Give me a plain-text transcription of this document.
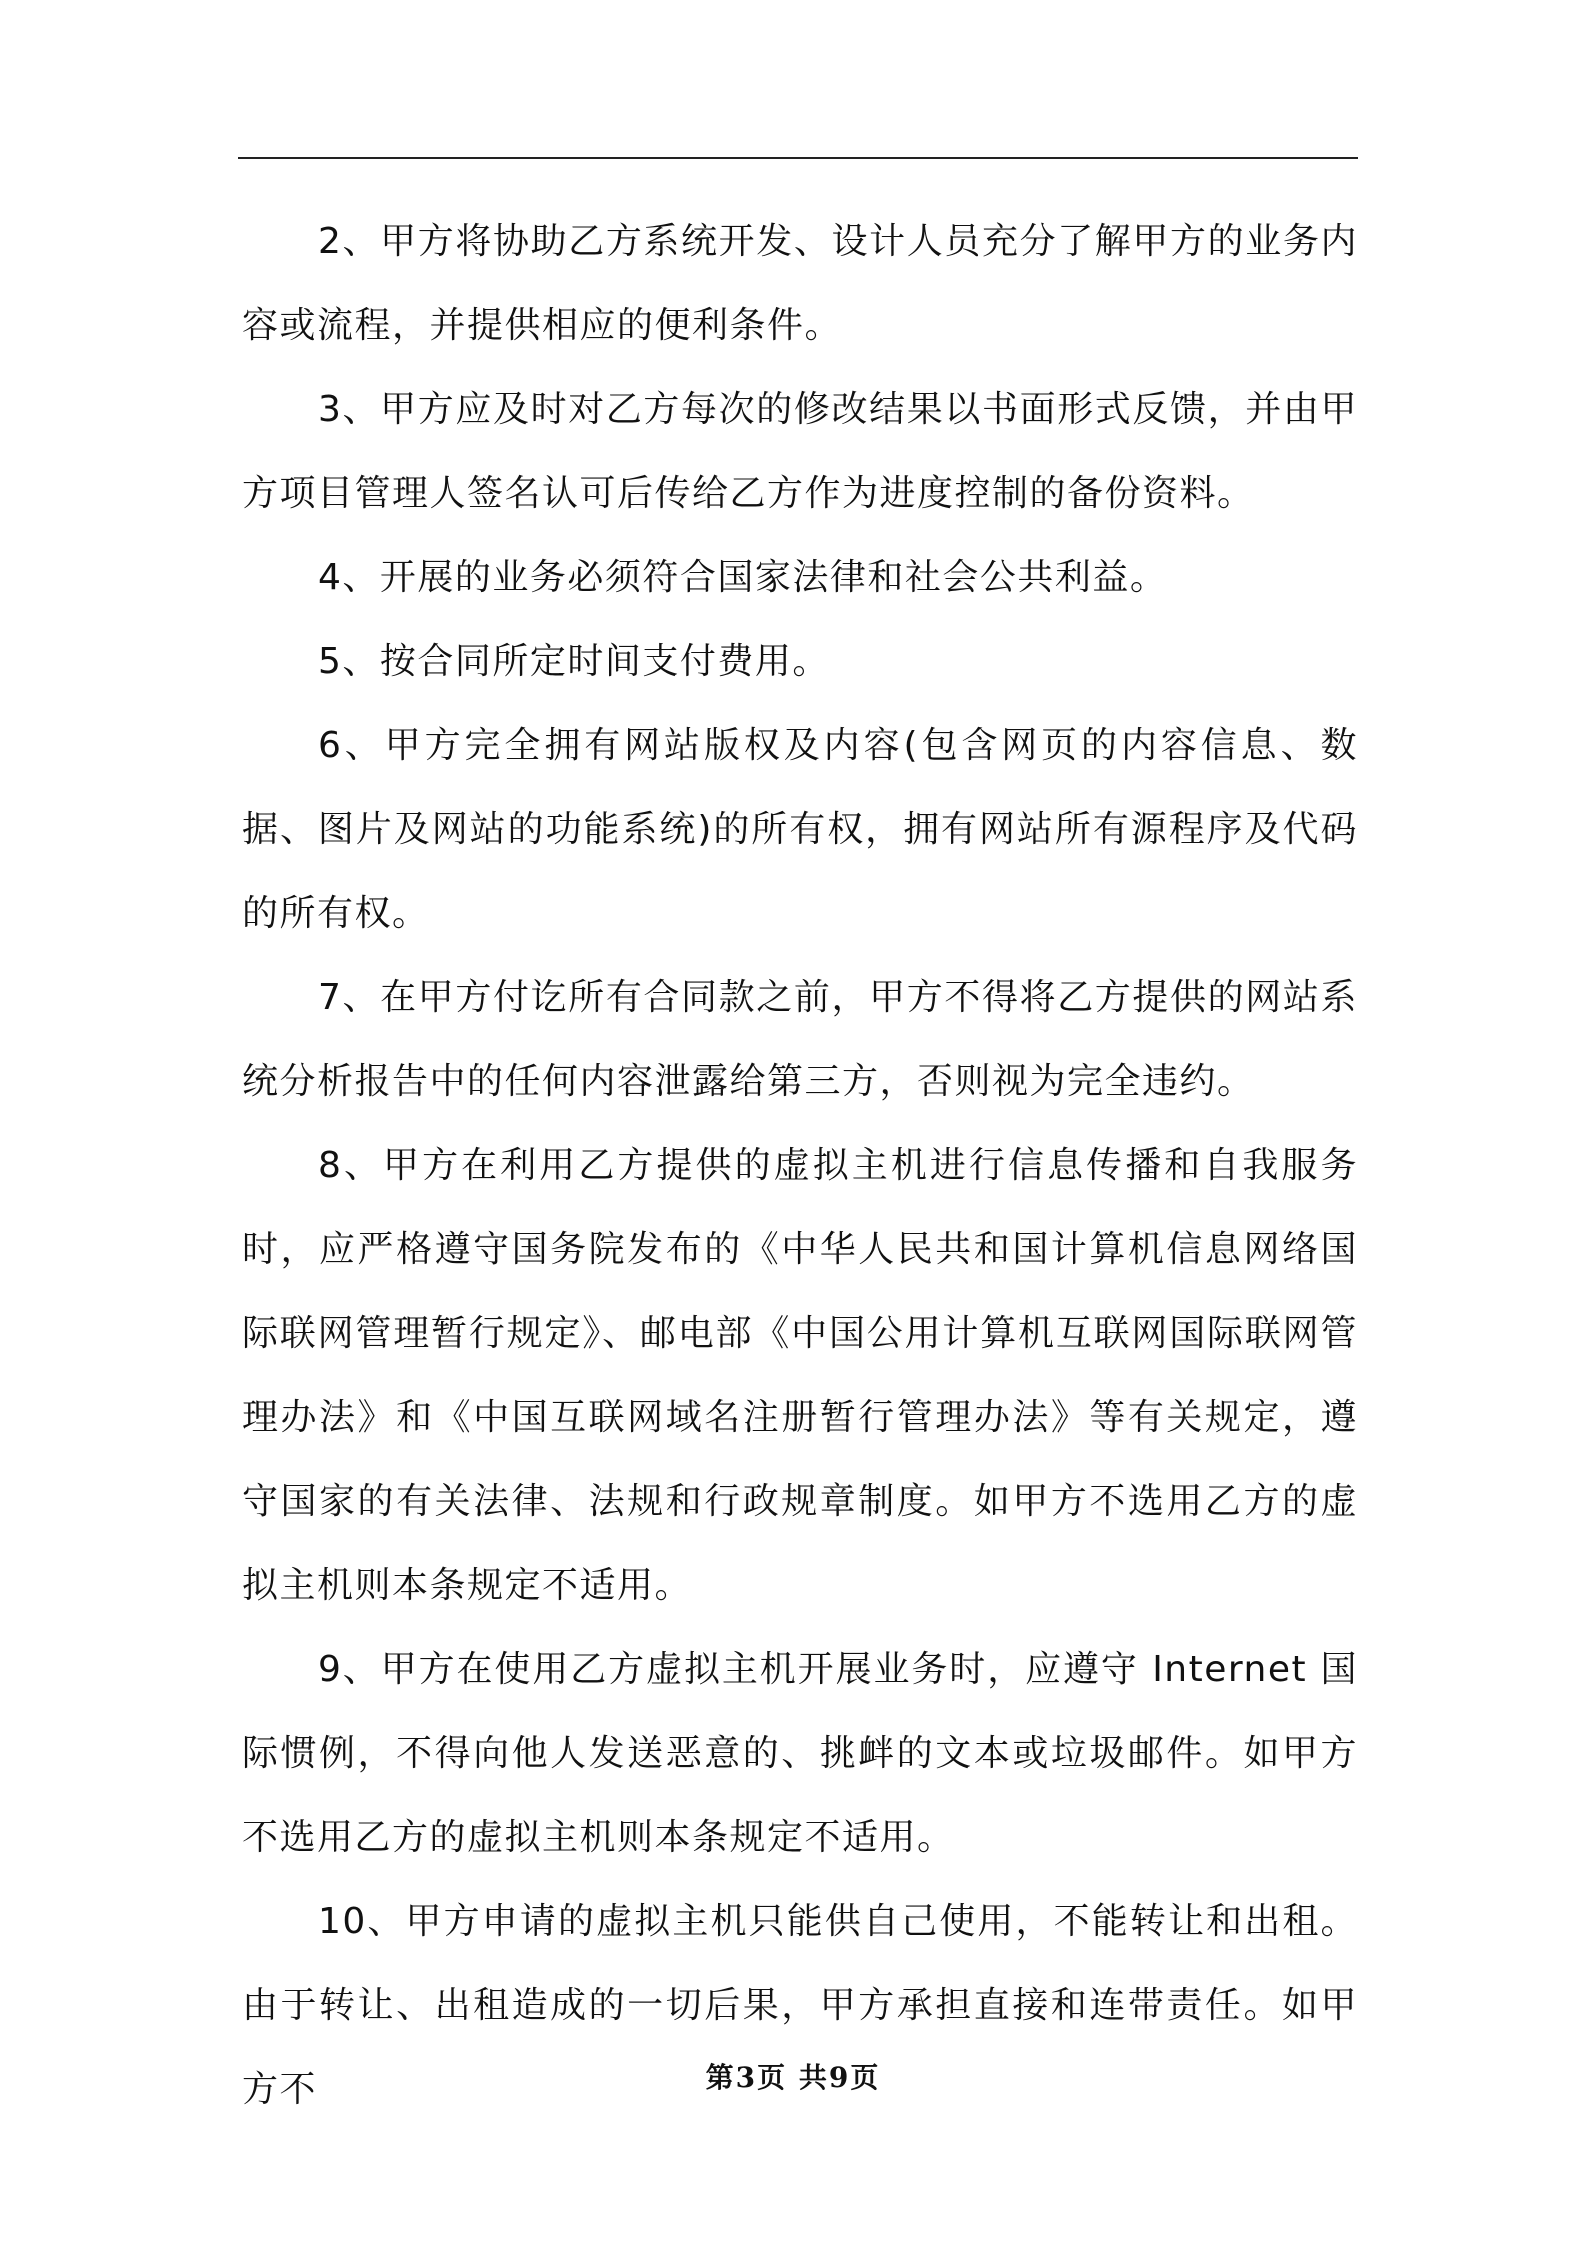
2、甲方将协助乙方系统开发、设计人员充分了解甲方的业务内容或流程，并提供相应的便利条件。

3、甲方应及时对乙方每次的修改结果以书面形式反馈，并由甲方项目管理人签名认可后传给乙方作为进度控制的备份资料。

4、开展的业务必须符合国家法律和社会公共利益。

5、按合同所定时间支付费用。

6、甲方完全拥有网站版权及内容(包含网页的内容信息、数据、图片及网站的功能系统)的所有权，拥有网站所有源程序及代码的所有权。

7、在甲方付讫所有合同款之前，甲方不得将乙方提供的网站系统分析报告中的任何内容泄露给第三方，否则视为完全违约。

8、甲方在利用乙方提供的虚拟主机进行信息传播和自我服务时，应严格遵守国务院发布的《中华人民共和国计算机信息网络国际联网管理暂行规定》、邮电部《中国公用计算机互联网国际联网管理办法》和《中国互联网域名注册暂行管理办法》等有关规定，遵守国家的有关法律、法规和行政规章制度。如甲方不选用乙方的虚拟主机则本条规定不适用。

9、甲方在使用乙方虚拟主机开展业务时，应遵守 Internet 国际惯例，不得向他人发送恶意的、挑衅的文本或垃圾邮件。如甲方不选用乙方的虚拟主机则本条规定不适用。

10、甲方申请的虚拟主机只能供自己使用，不能转让和出租。由于转让、出租造成的一切后果，甲方承担直接和连带责任。如甲方不	第3页 共9页
